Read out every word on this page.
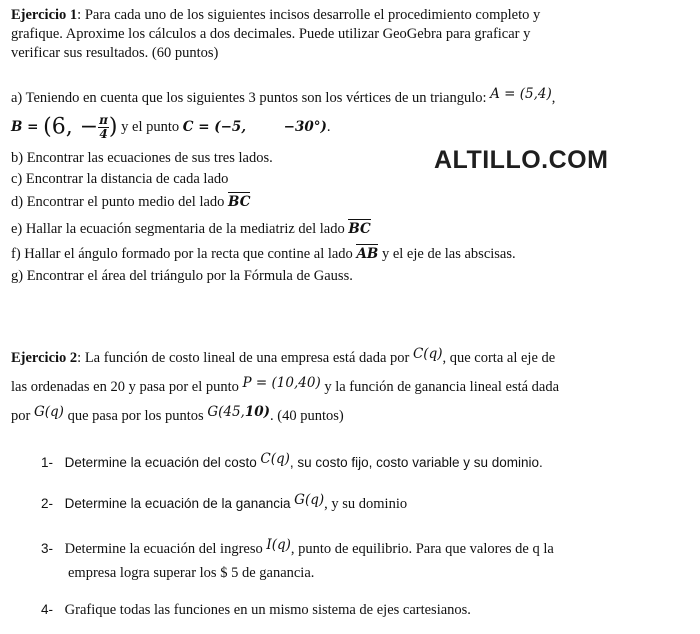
Ejercicio 1: Para cada uno de los siguientes incisos desarrolle el procedimiento completo y
grafique. Aproxime los cálculos a dos decimales. Puede utilizar GeoGebra para graficar y
verificar sus resultados. (60 puntos)
a) Teniendo en cuenta que los siguientes 3 puntos son los vértices de un triangulo: A = (5,4),
B = (6, − $\frac{\pi}{4}$ ) y el punto C = (−5,	−30°).
b) Encontrar las ecuaciones de sus tres lados.
c) Encontrar la distancia de cada lado
d) Encontrar el punto medio del lado BC
e) Hallar la ecuación segmentaria de la mediatriz del lado BC
f) Hallar el ángulo formado por la recta que contine al lado AB y el eje de las abscisas.
g) Encontrar el área del triángulo por la Fórmula de Gauss.
ALTILLO.COM
Ejercicio 2: La función de costo lineal de una empresa está dada por C(q), que corta al eje de
las ordenadas en 20 y pasa por el punto P = (10,40) y la función de ganancia lineal está dada
por G(q) que pasa por los puntos G(45,10). (40 puntos)
1- Determine la ecuación del costo C(q), su costo fijo, costo variable y su dominio.
2- Determine la ecuación de la ganancia G(q), y su dominio
3- Determine la ecuación del ingreso I(q), punto de equilibrio. Para que valores de q la
empresa logra superar los $ 5 de ganancia.
4- Grafique todas las funciones en un mismo sistema de ejes cartesianos.
